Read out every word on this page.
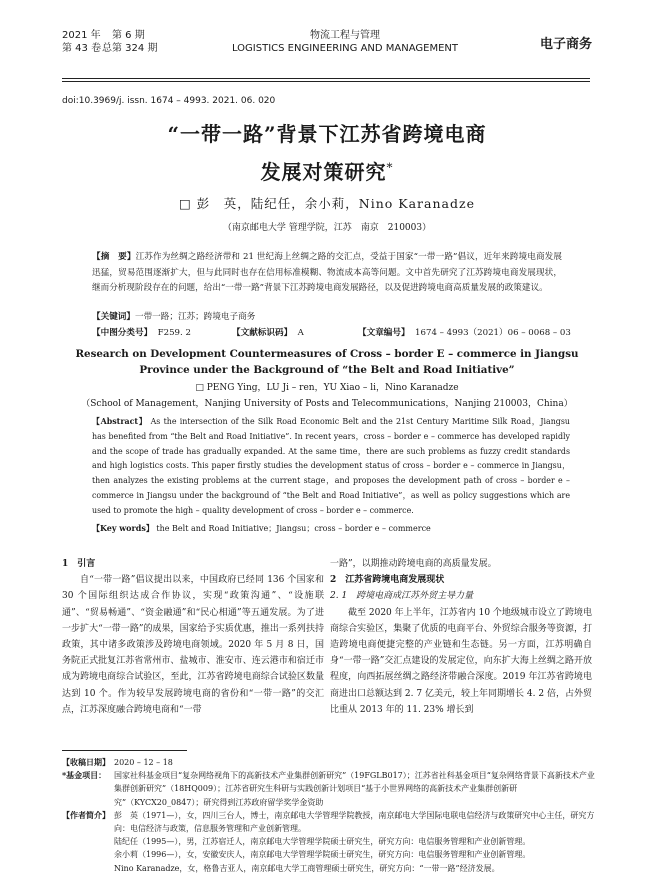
2021 年 第 6 期
第 43 卷总第 324 期
物流工程与管理
LOGISTICS ENGINEERING AND MANAGEMENT	电子商务
doi:10.3969/j. issn. 1674 – 4993. 2021. 06. 020
“一带一路”背景下江苏省跨境电商
发展对策研究*
□ 彭　英，陆纪任，余小莉，Nino Karanadze
（南京邮电大学 管理学院，江苏　南京　210003）
【摘　要】江苏作为丝绸之路经济带和 21 世纪海上丝绸之路的交汇点，受益于国家“一带一路”倡议，近年来跨境电商发展迅猛，贸易范围逐渐扩大，但与此同时也存在信用标准模糊、物流成本高等问题。文中首先研究了江苏跨境电商发展现状，继而分析现阶段存在的问题，给出“一带一路”背景下江苏跨境电商发展路径，以及促进跨境电商高质量发展的政策建议。
【关键词】一带一路；江苏；跨境电子商务
【中图分类号】 F259. 2	【文献标识码】 A	【文章编号】 1674 – 4993（2021）06 – 0068 – 03
Research on Development Countermeasures of Cross – border E – commerce in Jiangsu
Province under the Background of “the Belt and Road Initiative”
□ PENG Ying，LU Ji – ren，YU Xiao – li，Nino Karanadze
（School of Management，Nanjing University of Posts and Telecommunications，Nanjing 210003，China）
【Abstract】 As the intersection of the Silk Road Economic Belt and the 21st Century Maritime Silk Road，Jiangsu has benefited from “the Belt and Road Initiative”. In recent years，cross – border e – commerce has developed rapidly and the scope of trade has gradually expanded. At the same time，there are such problems as fuzzy credit standards and high logistics costs. This paper firstly studies the development status of cross – border e – commerce in Jiangsu，then analyzes the existing problems at the current stage，and proposes the development path of cross – border e – commerce in Jiangsu under the background of “the Belt and Road Initiative”，as well as policy suggestions which are used to promote the high – quality development of cross – border e – commerce.
【Key words】 the Belt and Road Initiative；Jiangsu；cross – border e – commerce
1　引言
自“一带一路”倡议提出以来，中国政府已经同 136 个国家和 30 个国际组织达成合作协议，实现“政策沟通”、“设施联通”、“贸易畅通”、“资金融通”和“民心相通”等五通发展。为了进一步扩大“一带一路”的成果，国家给予实质优惠，推出一系列扶持政策，其中诸多政策涉及跨境电商领域。2020 年 5 月 8 日，国务院正式批复江苏省常州市、盐城市、淮安市、连云港市和宿迁市成为跨境电商综合试验区，至此，江苏省跨境电商综合试验区数量达到 10 个。作为较早发展跨境电商的省份和“一带一路”的交汇点，江苏深度融合跨境电商和“一带
一路”，以期推动跨境电商的高质量发展。
2　江苏省跨境电商发展现状
2. 1　跨境电商成江苏外贸主导力量
截至 2020 年上半年，江苏省内 10 个地级城市设立了跨境电商综合实验区，集聚了优质的电商平台、外贸综合服务等资源，打造跨境电商便捷完整的产业链和生态链。另一方面，江苏明确自身“一带一路”交汇点建设的发展定位，向东扩大海上丝绸之路开放程度，向西拓展丝绸之路经济带融合深度。2019 年江苏省跨境电商进出口总额达到 2. 7 亿美元，较上年同期增长 4. 2 倍，占外贸比重从 2013 年的 11. 23% 增长到
【收稿日期】 2020 – 12 – 18
*基金项目： 国家社科基金项目“复杂网络视角下的高新技术产业集群创新研究”（19FGLB017）；江苏省社科基金项目“复杂网络背景下高新技术产业集群创新研究”（18HQ009）；江苏省研究生科研与实践创新计划项目“基于小世界网络的高新技术产业集群创新研究”（KYCX20_0847）；研究得到江苏政府留学奖学金资助
【作者简介】 彭　英（1971—），女，四川三台人，博士，南京邮电大学管理学院教授，南京邮电大学国际电联电信经济与政策研究中心主任，研究方向：电信经济与政策，信息服务管理和产业创新管理。
陆纪任（1995—），男，江苏宿迁人，南京邮电大学管理学院硕士研究生，研究方向：电信服务管理和产业创新管理。
余小莉（1996—），女，安徽安庆人，南京邮电大学管理学院硕士研究生，研究方向：电信服务管理和产业创新管理。
Nino Karanadze，女，格鲁吉亚人，南京邮电大学工商管理硕士研究生，研究方向：“一带一路”经济发展。
